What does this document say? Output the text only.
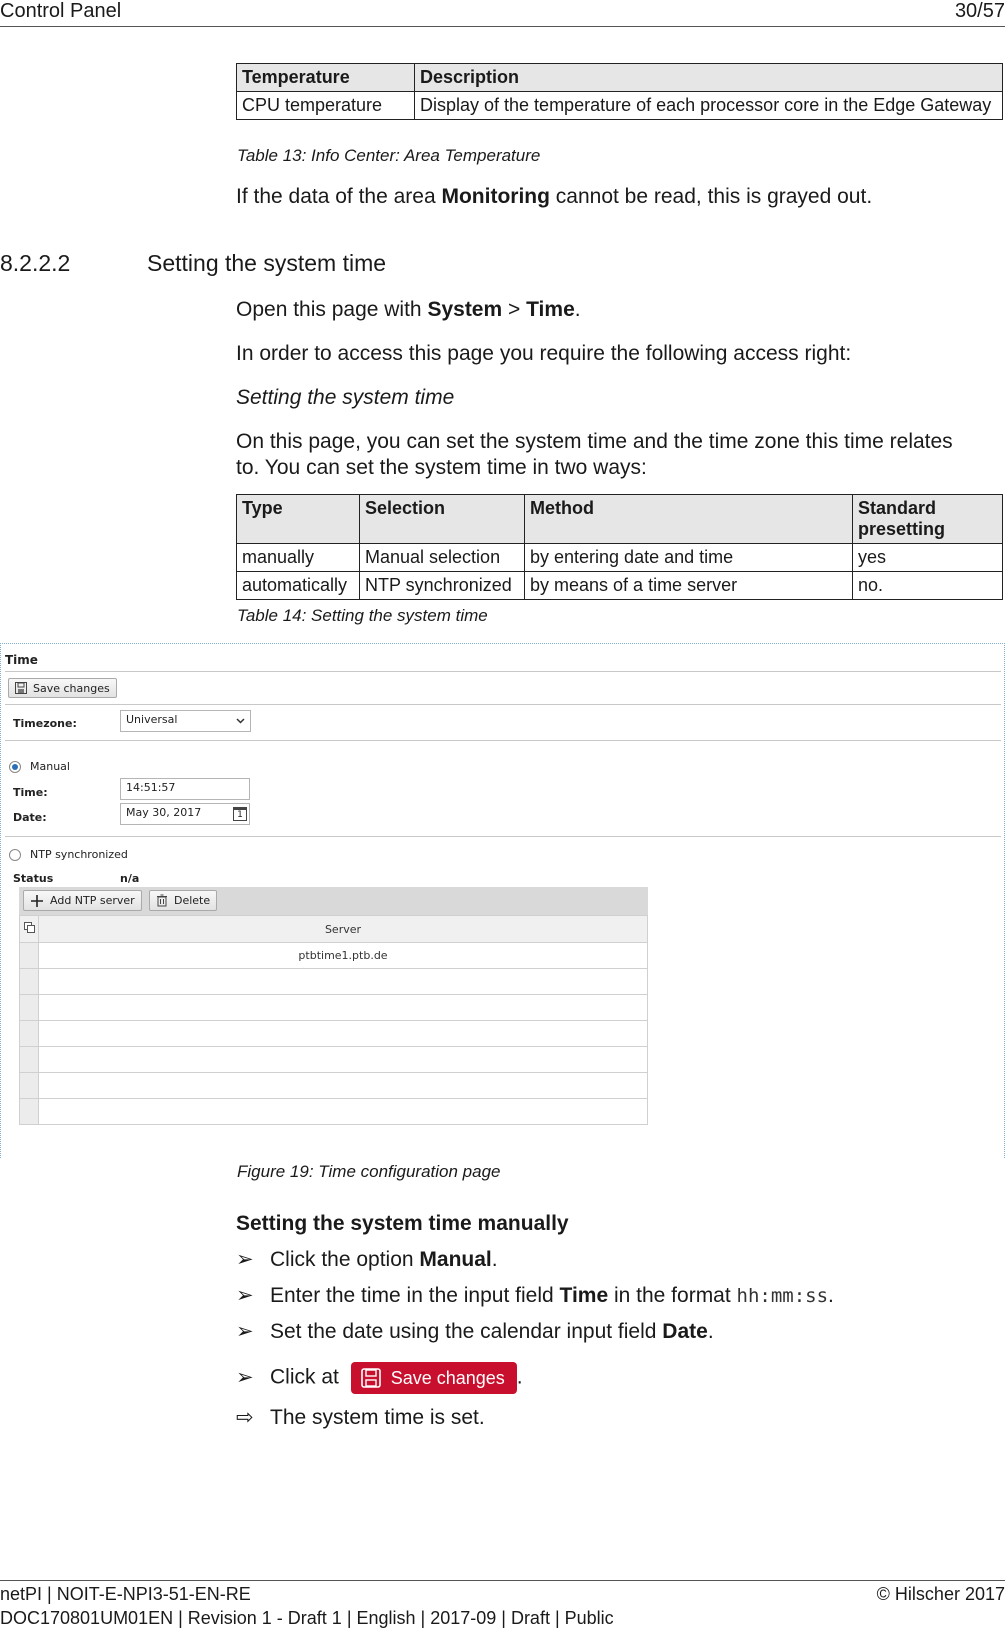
Control Panel	30/57
Temperature	Description
CPU temperature	Display of the temperature of each processor core in the Edge Gateway
Table 13: Info Center: Area Temperature
If the data of the area Monitoring cannot be read, this is grayed out.
8.2.2.2	Setting the system time
Open this page with System > Time.
In order to access this page you require the following access right:
Setting the system time
On this page, you can set the system time and the time zone this time relates to. You can set the system time in two ways:
Type	Selection	Method	Standard presetting
manually	Manual selection	by entering date and time	yes
automatically	NTP synchronized	by means of a time server	no.
Table 14: Setting the system time
Time
Save changes
Timezone:	Universal
Manual
Time:	14:51:57
Date:	May 30, 2017	1
NTP synchronized
Status	n/a
Add NTP server	Delete
	Server
	ptbtime1.ptb.de

Figure 19: Time configuration page
Setting the system time manually
➢ Click the option Manual.
➢ Enter the time in the input field Time in the format hh:mm:ss.
➢ Set the date using the calendar input field Date.
➢ Click at	Save changes .
⇨ The system time is set.
netPI | NOIT-E-NPI3-51-EN-RE
DOC170801UM01EN | Revision 1 - Draft 1 | English | 2017-09 | Draft | Public
© Hilscher 2017
